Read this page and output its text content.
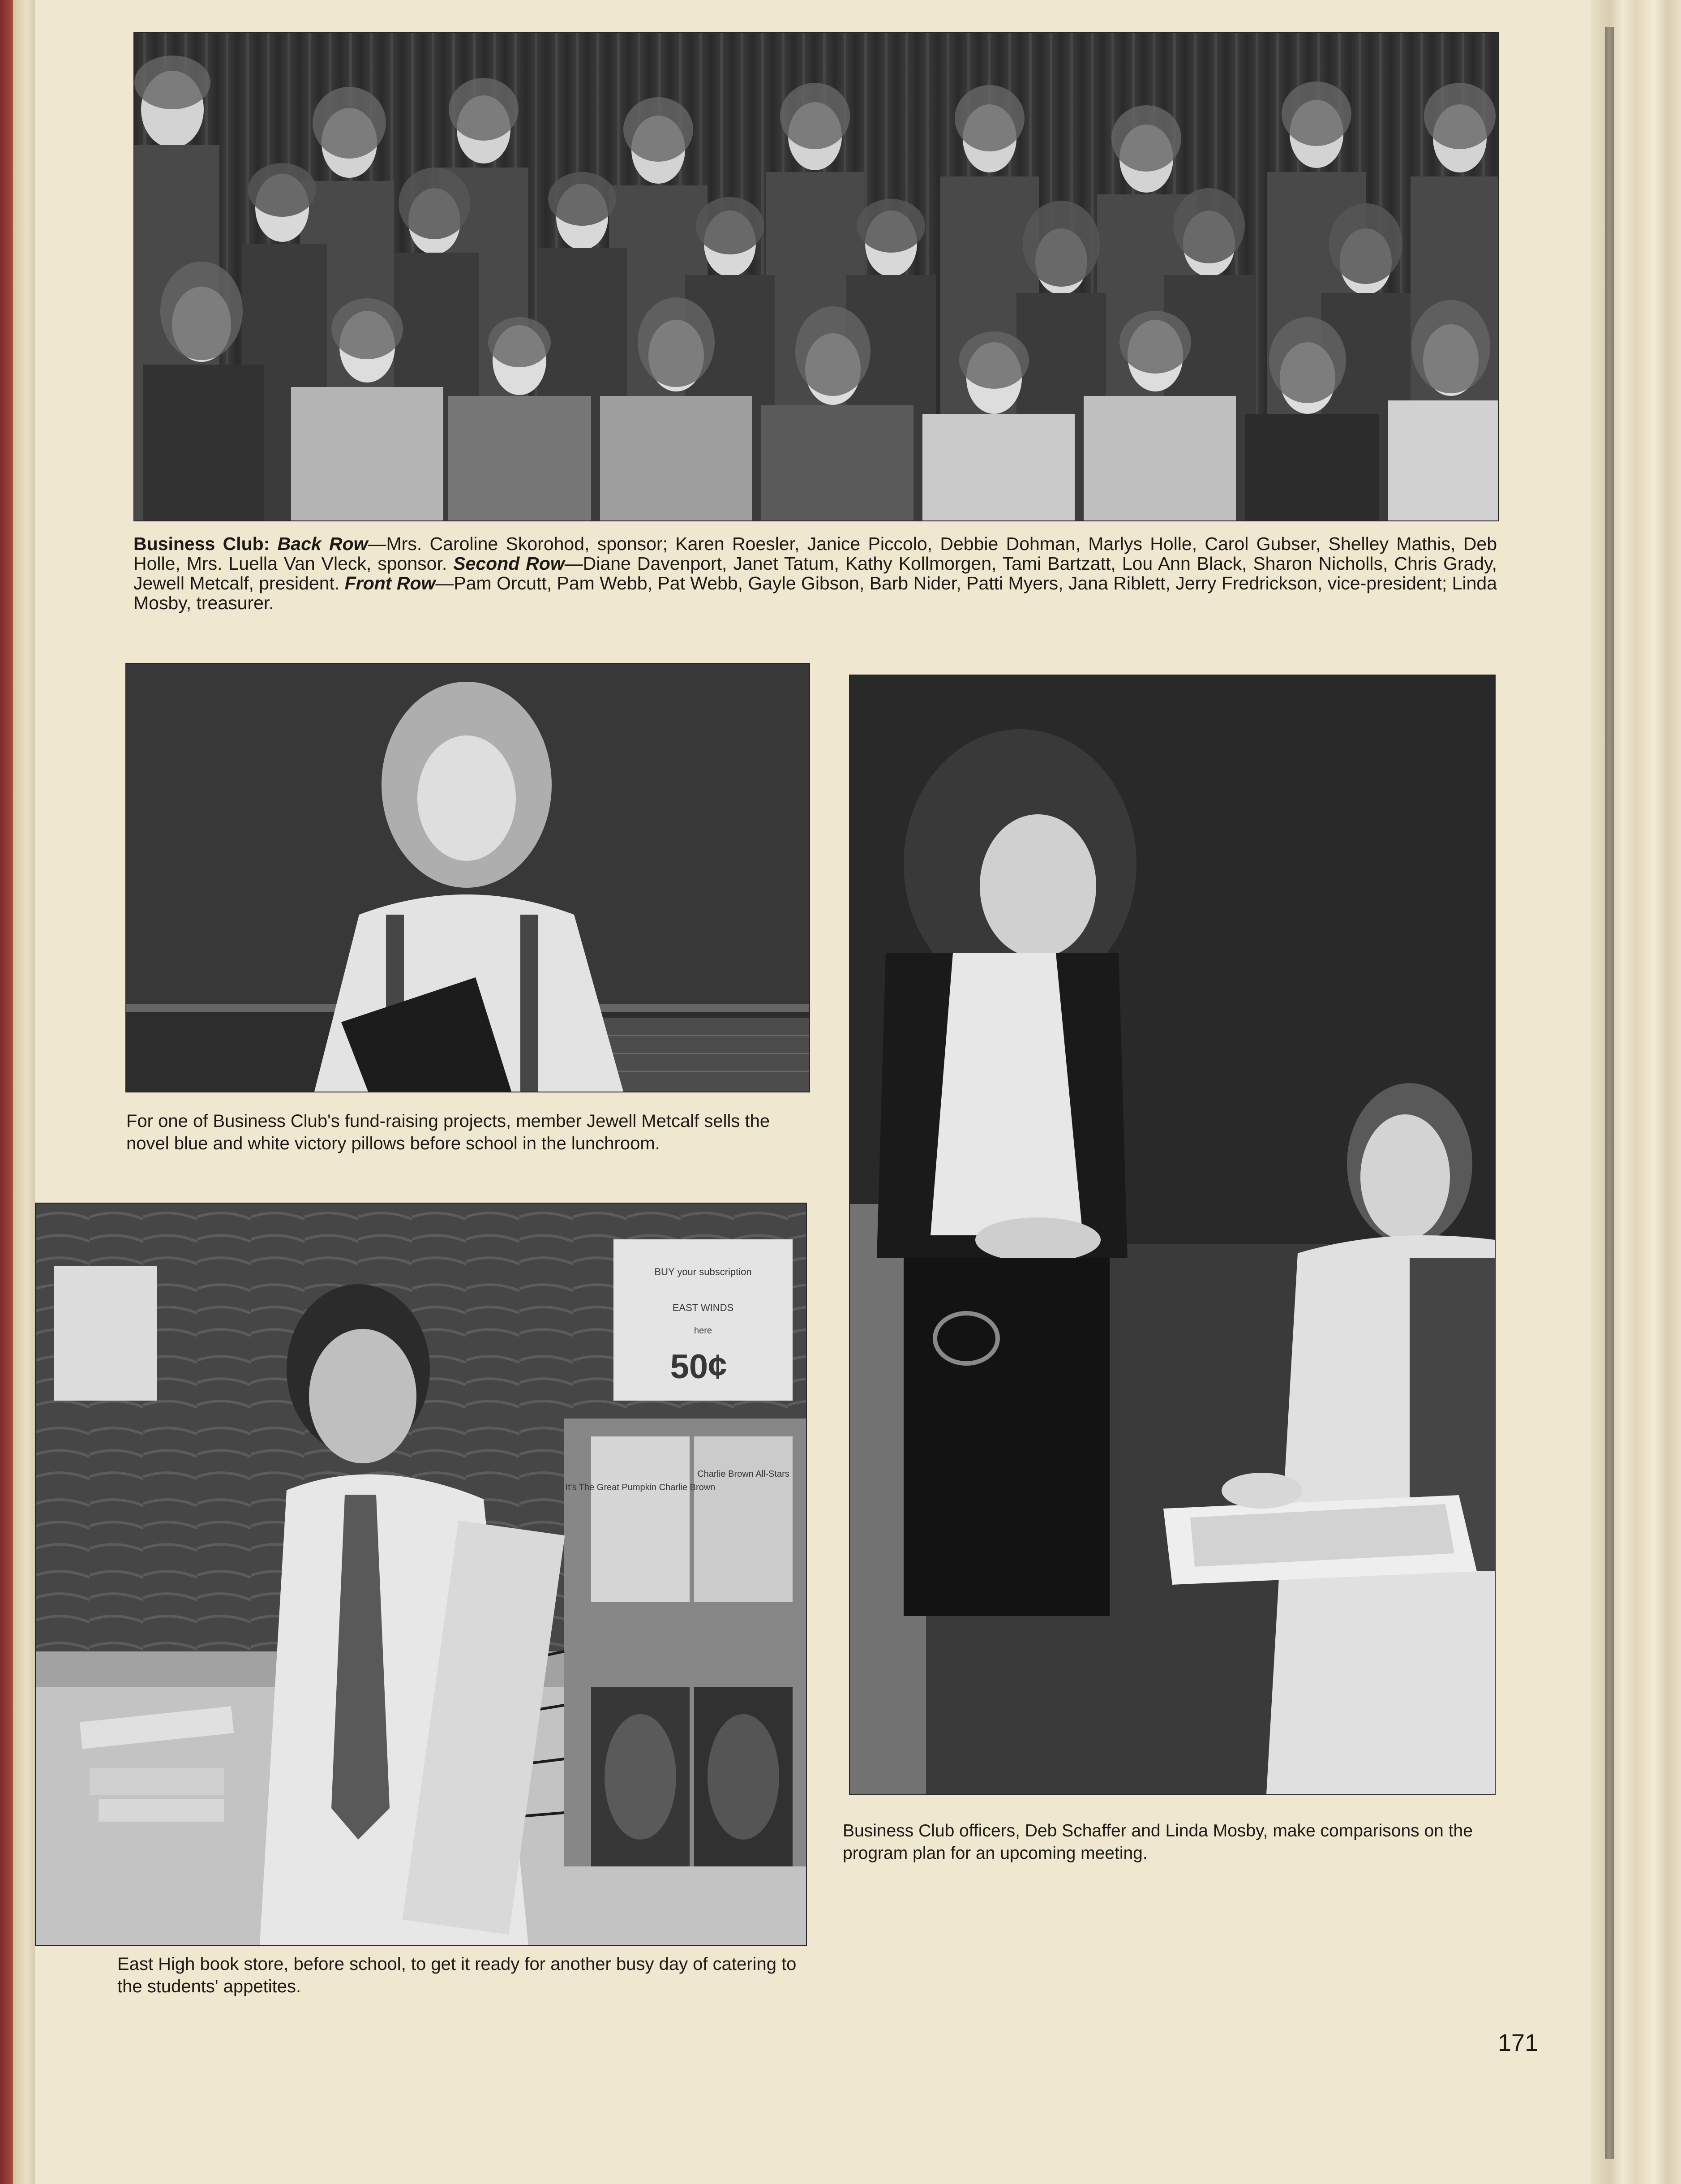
Business Club: Back Row—Mrs. Caroline Skorohod, sponsor; Karen Roesler, Janice Piccolo, Debbie Dohman, Marlys Holle, Carol Gubser, Shelley Mathis, Deb Holle, Mrs. Luella Van Vleck, sponsor. Second Row—Diane Davenport, Janet Tatum, Kathy Kollmorgen, Tami Bartzatt, Lou Ann Black, Sharon Nicholls, Chris Grady, Jewell Metcalf, president. Front Row—Pam Orcutt, Pam Webb, Pat Webb, Gayle Gibson, Barb Nider, Patti Myers, Jana Riblett, Jerry Fredrickson, vice-president; Linda Mosby, treasurer.

For one of Business Club's fund-raising projects, member Jewell Metcalf sells the novel blue and white victory pillows before school in the lunchroom.

Business Club officers, Deb Schaffer and Linda Mosby, make comparisons on the program plan for an upcoming meeting.

BUY your subscription
EAST WINDS
here
50¢
It's The Great Pumpkin Charlie Brown
Charlie Brown All-Stars

East High book store, before school, to get it ready for another busy day of catering to the students' appetites.

171
